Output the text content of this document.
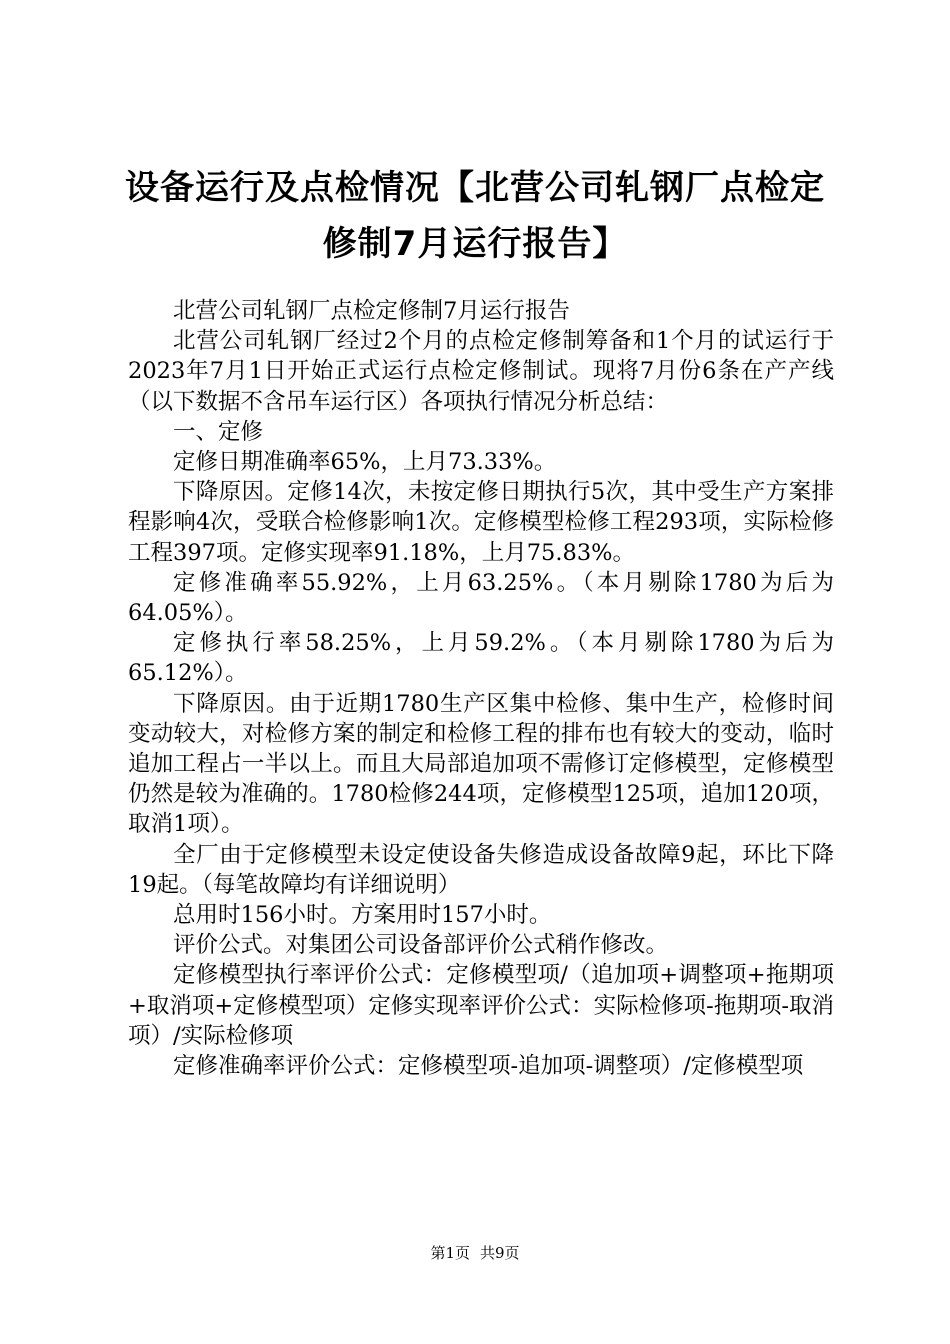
设备运行及点检情况【北营公司轧钢厂点检定修制7月运行报告】

北营公司轧钢厂点检定修制7月运行报告

北营公司轧钢厂经过2个月的点检定修制筹备和1个月的试运行于2023年7月1日开始正式运行点检定修制试。现将7月份6条在产产线（以下数据不含吊车运行区）各项执行情况分析总结：

一、定修

定修日期准确率65%，上月73.33%。

下降原因。定修14次，未按定修日期执行5次，其中受生产方案排程影响4次，受联合检修影响1次。定修模型检修工程293项，实际检修工程397项。定修实现率91.18%，上月75.83%。

定修准确率55.92%，上月63.25%。（本月剔除1780为后为64.05%）。

定修执行率58.25%，上月59.2%。（本月剔除1780为后为65.12%）。

下降原因。由于近期1780生产区集中检修、集中生产，检修时间变动较大，对检修方案的制定和检修工程的排布也有较大的变动，临时追加工程占一半以上。而且大局部追加项不需修订定修模型，定修模型仍然是较为准确的。1780检修244项，定修模型125项，追加120项，取消1项）。

全厂由于定修模型未设定使设备失修造成设备故障9起，环比下降19起。（每笔故障均有详细说明）

总用时156小时。方案用时157小时。

评价公式。对集团公司设备部评价公式稍作修改。

定修模型执行率评价公式：定修模型项/（追加项+调整项+拖期项+取消项+定修模型项）定修实现率评价公式：实际检修项-拖期项-取消项）/实际检修项

定修准确率评价公式：定修模型项-追加项-调整项）/定修模型项

第1页 共9页
